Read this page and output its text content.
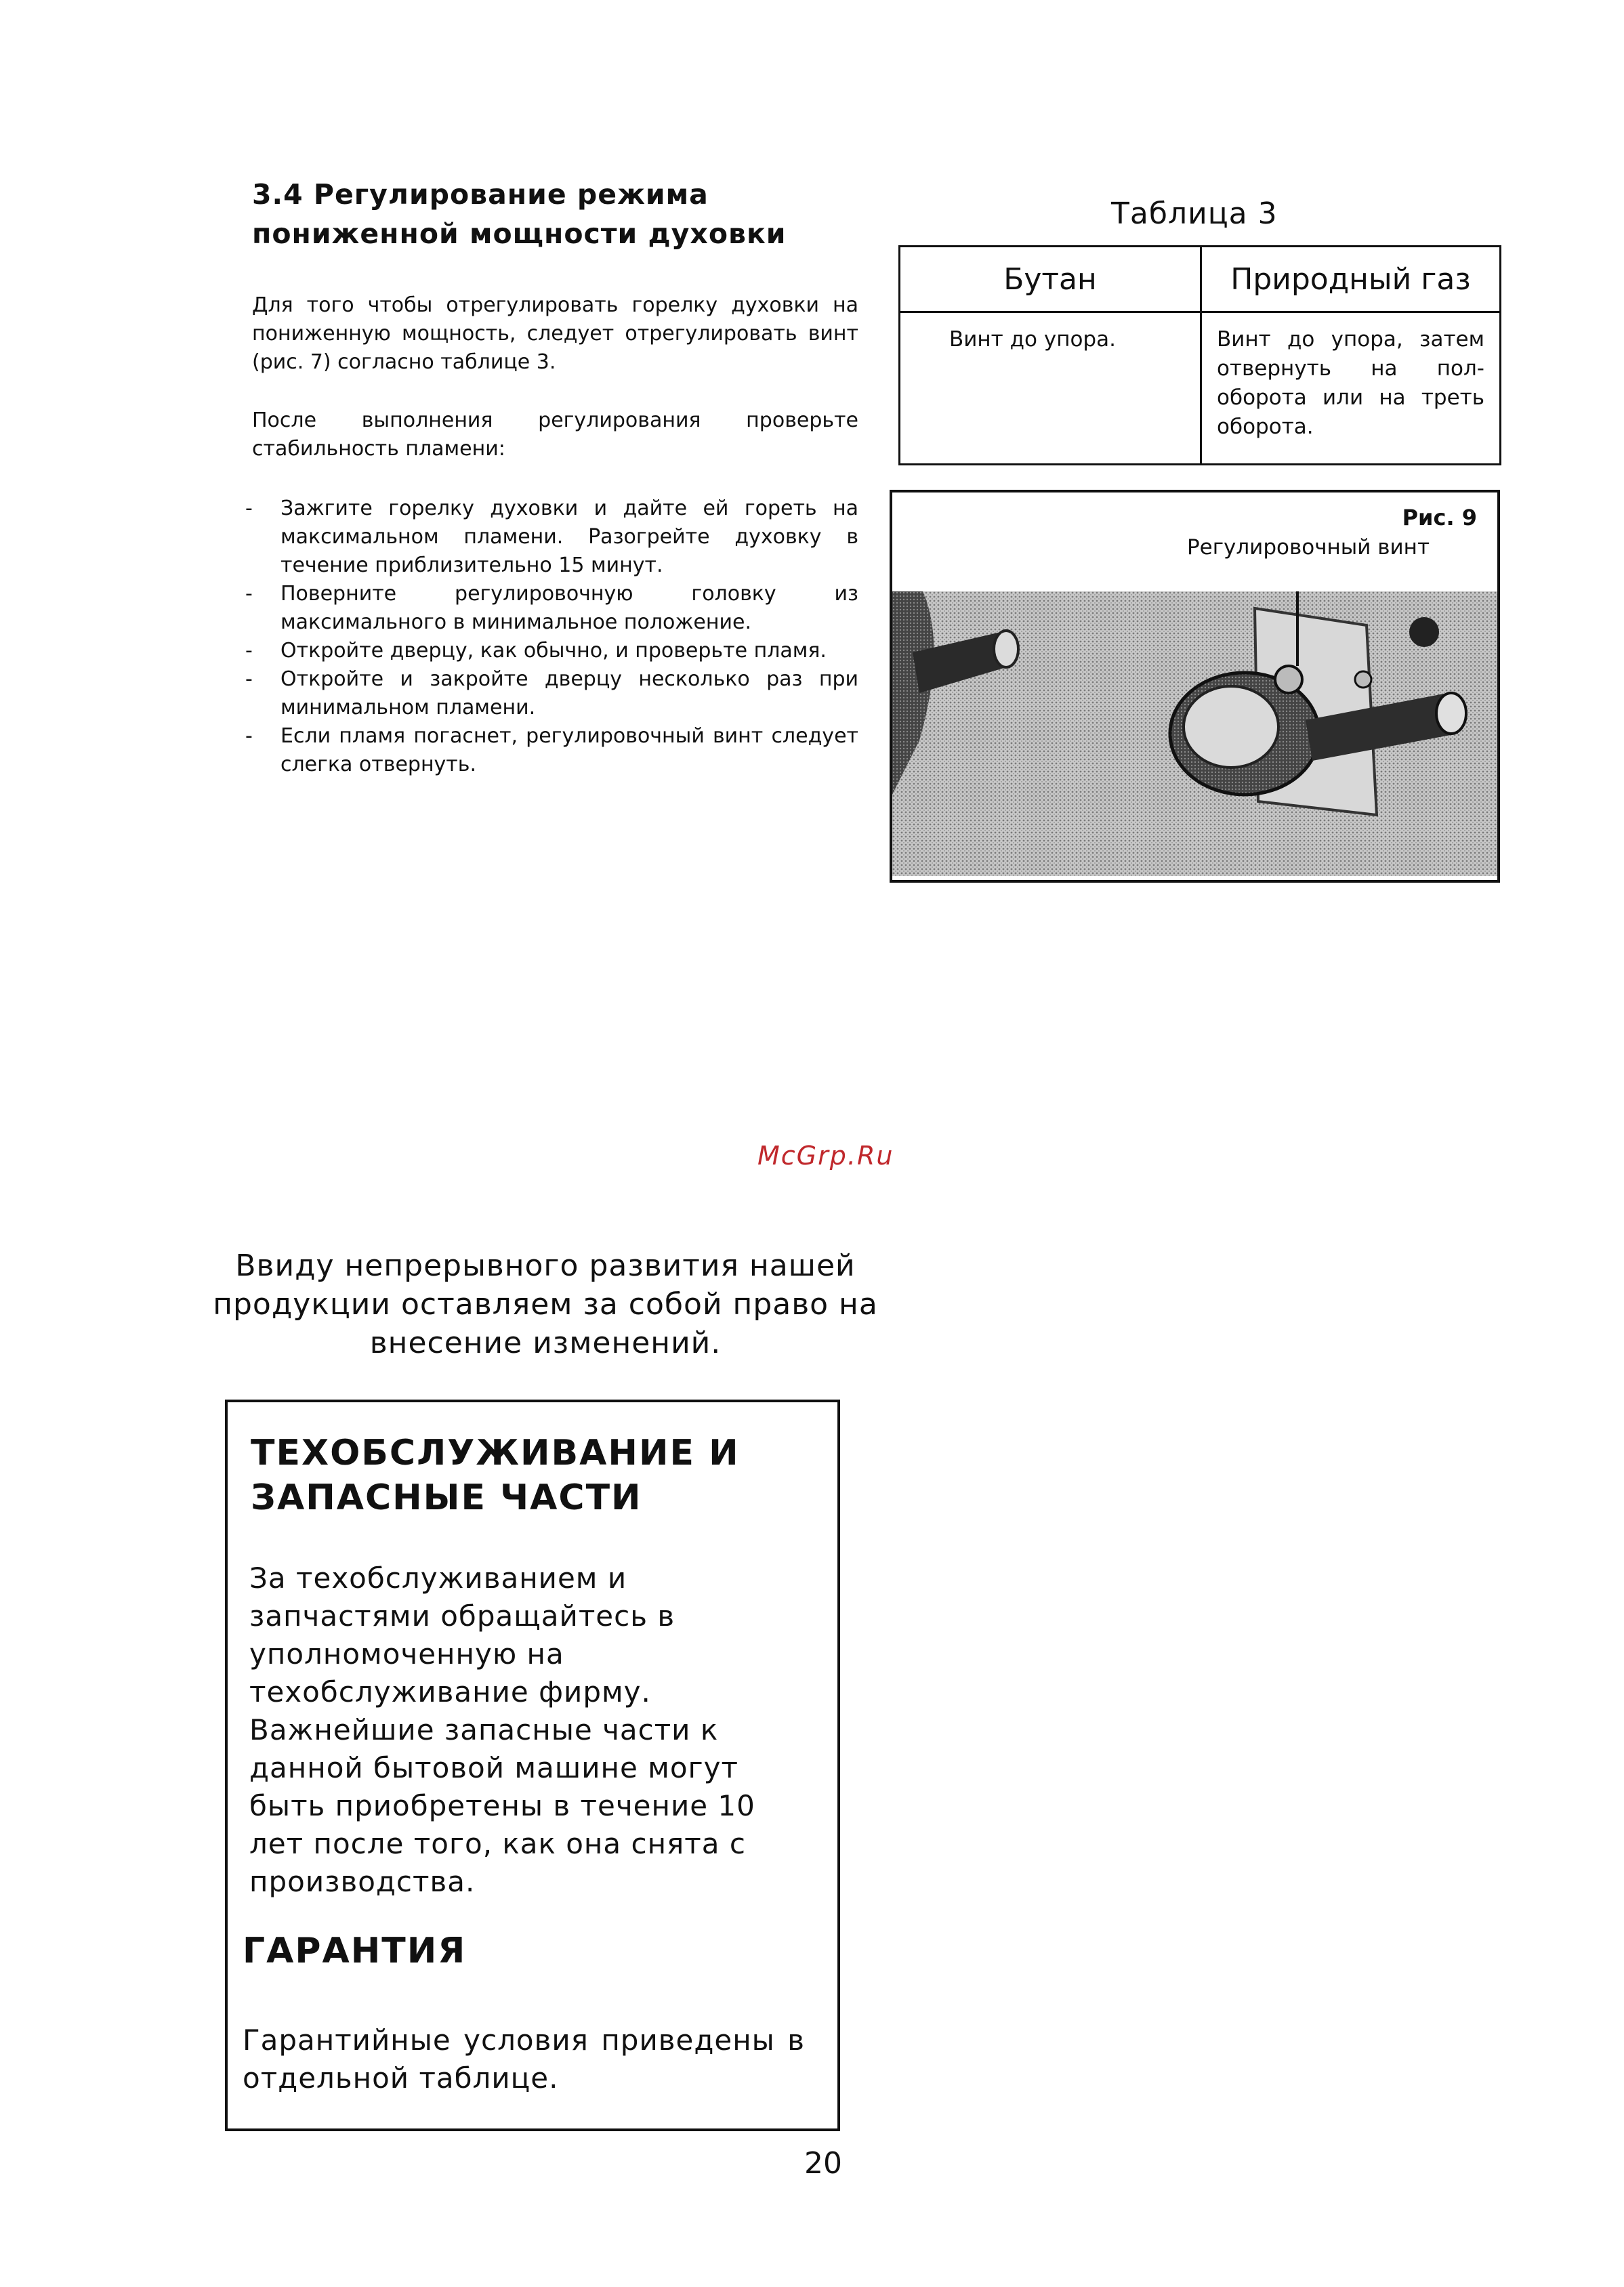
3.4 Регулирование режима пониженной мощности духовки
Для того чтобы отрегулировать горелку духовки на пониженную мощность, следует отрегулировать винт (рис. 7) согласно таблице 3.
После выполнения регулирования проверьте стабильность пламени:
- Зажгите горелку духовки и дайте ей гореть на максимальном пламени. Разогрейте духовку в течение приблизительно 15 минут.
- Поверните регулировочную головку из максимального в минимальное положение.
- Откройте дверцу, как обычно, и проверьте пламя.
- Откройте и закройте дверцу несколько раз при минимальном пламени.
- Если пламя погаснет, регулировочный винт следует слегка отвернуть.
Таблица 3
Бутан	Природный газ
Винт до упора.	Винт до упора, затем отвернуть на пол-оборота или на треть оборота.
Рис. 9
Регулировочный винт
McGrp.Ru
Ввиду непрерывного развития нашей продукции оставляем за собой право на внесение изменений.
ТЕХОБСЛУЖИВАНИЕ И ЗАПАСНЫЕ ЧАСТИ
За техобслуживанием и запчастями обращайтесь в уполномоченную на техобслуживание фирму. Важнейшие запасные части к данной бытовой машине могут быть приобретены в течение 10 лет после того, как она снята с производства.
ГАРАНТИЯ
Гарантийные условия приведены в отдельной таблице.
20
